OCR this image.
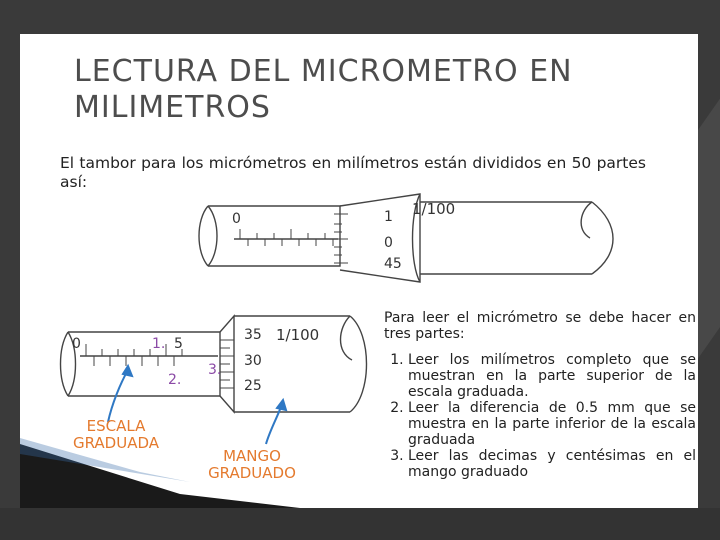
LECTURA DEL MICROMETRO EN MILIMETROS

El tambor para los micrómetros en milímetros están divididos en 50 partes así:

0	1
0
45
1/100
0	5
1.
2.
3.
35
30
25
1/100
ESCALA GRADUADA
MANGO GRADUADO

Para leer el micrómetro se debe hacer en tres partes:

1. Leer los milímetros completo que se muestran en la parte superior de la escala graduada.
2. Leer la diferencia de 0.5 mm que se muestra en la parte inferior de la escala graduada
3. Leer las decimas y centésimas en el mango graduado
